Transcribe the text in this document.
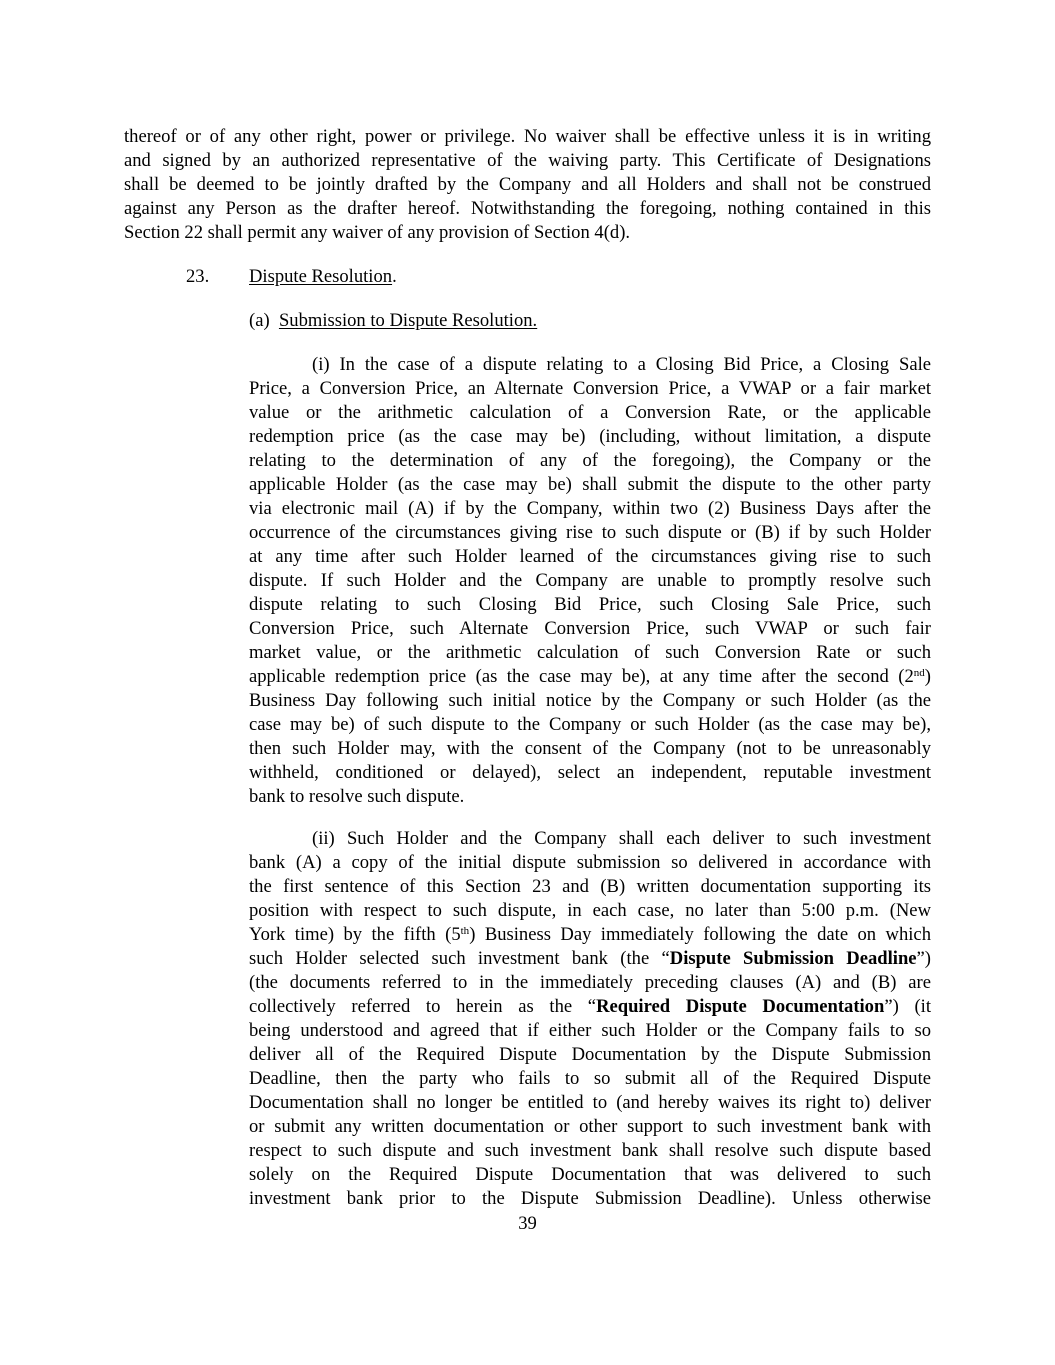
thereof or of any other right, power or privilege. No waiver shall be effective unless it is in writing
and signed by an authorized representative of the waiving party. This Certificate of Designations
shall be deemed to be jointly drafted by the Company and all Holders and shall not be construed
against any Person as the drafter hereof. Notwithstanding the foregoing, nothing contained in this
Section 22 shall permit any waiver of any provision of Section 4(d).
23. Dispute Resolution.
(a) Submission to Dispute Resolution.
(i) In the case of a dispute relating to a Closing Bid Price, a Closing Sale
Price, a Conversion Price, an Alternate Conversion Price, a VWAP or a fair market
value or the arithmetic calculation of a Conversion Rate, or the applicable
redemption price (as the case may be) (including, without limitation, a dispute
relating to the determination of any of the foregoing), the Company or the
applicable Holder (as the case may be) shall submit the dispute to the other party
via electronic mail (A) if by the Company, within two (2) Business Days after the
occurrence of the circumstances giving rise to such dispute or (B) if by such Holder
at any time after such Holder learned of the circumstances giving rise to such
dispute. If such Holder and the Company are unable to promptly resolve such
dispute relating to such Closing Bid Price, such Closing Sale Price, such
Conversion Price, such Alternate Conversion Price, such VWAP or such fair
market value, or the arithmetic calculation of such Conversion Rate or such
applicable redemption price (as the case may be), at any time after the second (2nd)
Business Day following such initial notice by the Company or such Holder (as the
case may be) of such dispute to the Company or such Holder (as the case may be),
then such Holder may, with the consent of the Company (not to be unreasonably
withheld, conditioned or delayed), select an independent, reputable investment
bank to resolve such dispute.
(ii) Such Holder and the Company shall each deliver to such investment
bank (A) a copy of the initial dispute submission so delivered in accordance with
the first sentence of this Section 23 and (B) written documentation supporting its
position with respect to such dispute, in each case, no later than 5:00 p.m. (New
York time) by the fifth (5th) Business Day immediately following the date on which
such Holder selected such investment bank (the “Dispute Submission Deadline”)
(the documents referred to in the immediately preceding clauses (A) and (B) are
collectively referred to herein as the “Required Dispute Documentation”) (it
being understood and agreed that if either such Holder or the Company fails to so
deliver all of the Required Dispute Documentation by the Dispute Submission
Deadline, then the party who fails to so submit all of the Required Dispute
Documentation shall no longer be entitled to (and hereby waives its right to) deliver
or submit any written documentation or other support to such investment bank with
respect to such dispute and such investment bank shall resolve such dispute based
solely on the Required Dispute Documentation that was delivered to such
investment bank prior to the Dispute Submission Deadline). Unless otherwise
39
